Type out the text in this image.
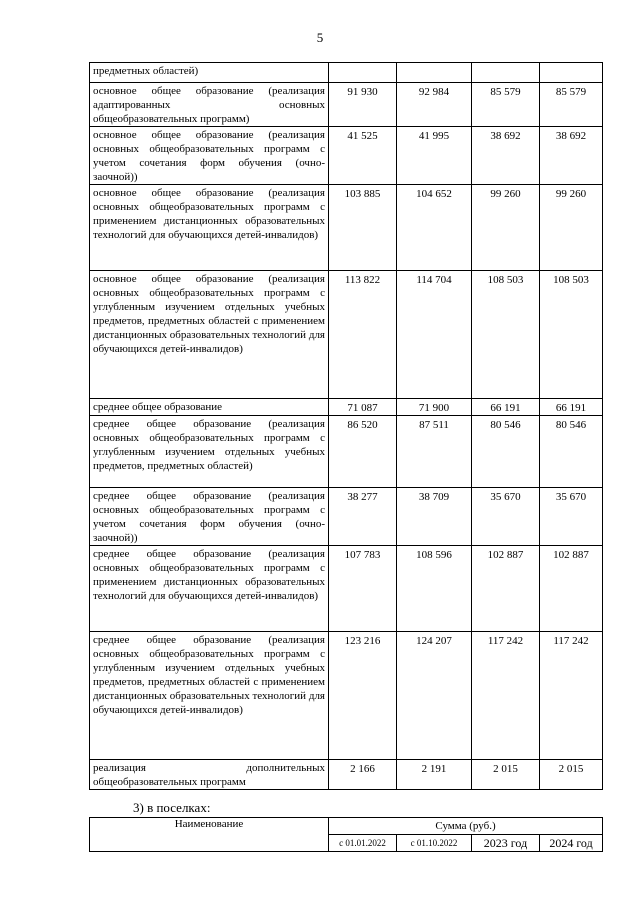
5
предметных областей)				
основное общее образование (реализация адаптированных основных общеобразовательных программ)	91 930	92 984	85 579	85 579
основное общее образование (реализация основных общеобразовательных программ с учетом сочетания форм обучения (очно-заочной))	41 525	41 995	38 692	38 692
основное общее образование (реализация основных общеобразовательных программ с применением дистанционных образовательных технологий для обучающихся детей-инвалидов)	103 885	104 652	99 260	99 260
основное общее образование (реализация основных общеобразовательных программ с углубленным изучением отдельных учебных предметов, предметных областей с применением дистанционных образовательных технологий для обучающихся детей-инвалидов)	113 822	114 704	108 503	108 503
среднее общее образование	71 087	71 900	66 191	66 191
среднее общее образование (реализация основных общеобразовательных программ с углубленным изучением отдельных учебных предметов, предметных областей)	86 520	87 511	80 546	80 546
среднее общее образование (реализация основных общеобразовательных программ с учетом сочетания форм обучения (очно-заочной))	38 277	38 709	35 670	35 670
среднее общее образование (реализация основных общеобразовательных программ с применением дистанционных образовательных технологий для обучающихся детей-инвалидов)	107 783	108 596	102 887	102 887
среднее общее образование (реализация основных общеобразовательных программ с углубленным изучением отдельных учебных предметов, предметных областей с применением дистанционных образовательных технологий для обучающихся детей-инвалидов)	123 216	124 207	117 242	117 242
реализация дополнительных общеобразовательных программ	2 166	2 191	2 015	2 015
3) в поселках:
Наименование	Сумма (руб.)			
	с 01.01.2022	с 01.10.2022	2023 год	2024 год
